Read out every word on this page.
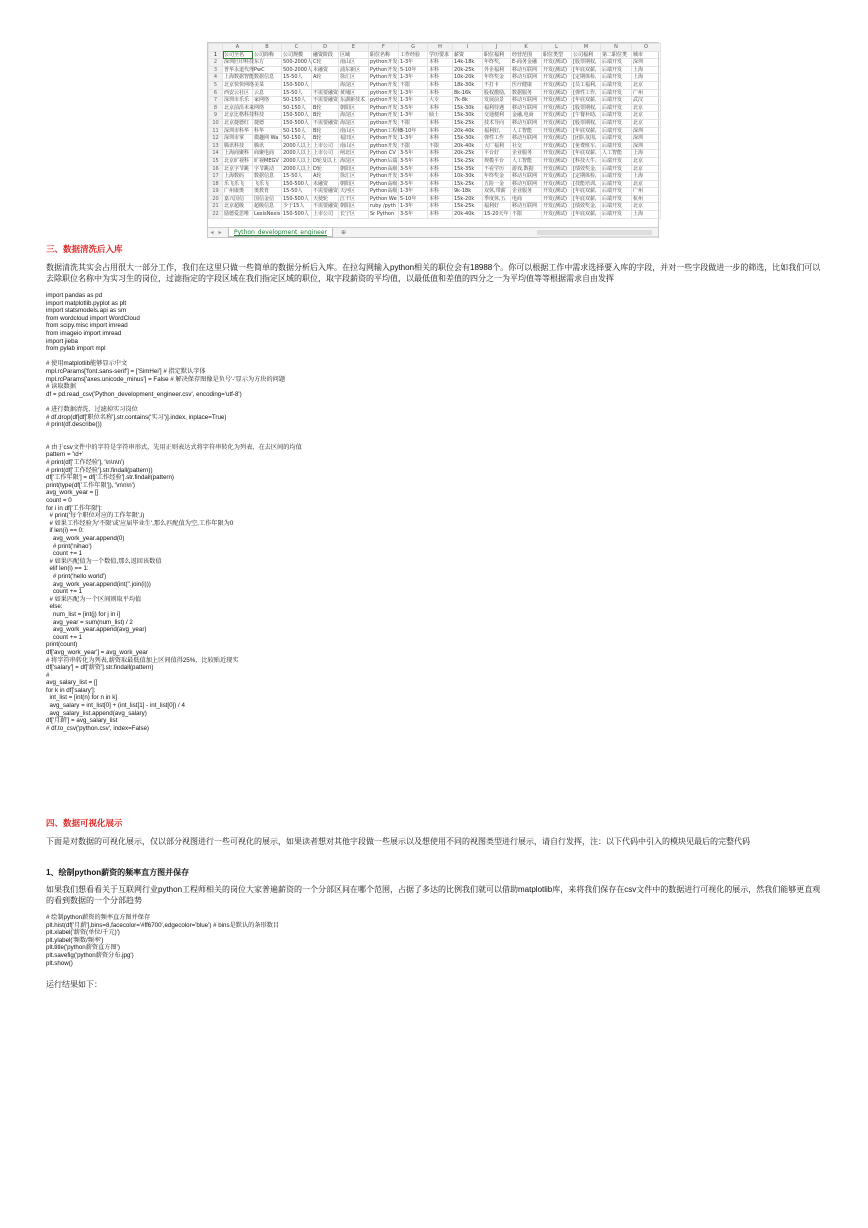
	A	B	C	D	E	F	G	H	I	J	K	L	M	N	O
1	公司全名	公司简称	公司规模	融资阶段	区域	职位名称	工作经验	学历要求	薪资	职位福利	经营范围	职位类型	公司福利	第二职位类	城市
2	深圳匠印科技	东方	500-2000人	C轮	南山区	python开发	1-3年	本科	14k-18k	年终奖，	E-商务金融	开发(测试)	[股票期权,	后端开发	深圳
3	普华永道代理	PwC	500-2000人	未融资	浦东新区	Python开发	5-10年	本科	20k-25k	外企福利	移动互联网	开发(测试)	[年底双薪,	后端开发	上海
4	上海数据智能	数据信息	15-50人	A轮	徐汇区	Python开发	1-3年	本科	10k-20k	年终奖金	移动互联网	开发(测试)	[定期体检,	后端开发	上海
5	北京快快网络	美菜	150-500人		海淀区	Python开发	不限	本科	18k-30k	不打卡	医疗健康	开发(测试)	[员工福利,	后端开发	北京
6	西安云社区	云息	15-50人	不需要融资	黄埔区	python开发	1-3年	本科	8k-16k	股权激励,	数据服务	开发(测试)	[弹性工作,	后端开发	广州
7	深圳市乐乐	家网络	50-150人	不需要融资	东湖新技术	python开发	1-3年	大专	7k-8k	发展前景	移动互联网	开发(测试)	[年底双薪,	后端开发	武汉
8	北京前沿未来	网络	50-150人	B轮	朝阳区	Python开发	3-5年	本科	15k-30k	福利待遇	移动互联网	开发(测试)	[股票期权,	后端开发	北京
9	北京比格科技	科技	150-500人	B轮	海淀区	Python开发	1-3年	硕士	15k-30k	交通便利	金融,电商	开发(测试)	[午餐补助,	后端开发	北京
10	北京捷德红	捷德	150-500人	不需要融资	海淀区	python开发	不限	本科	15k-25k	技术导向	移动互联网	开发(测试)	[股票期权,	后端开发	北京
11	深圳市科华	科华	50-150人	B轮	南山区	Python工程师	3-10年	本科	20k-40k	福利好,	人工智能	开发(测试)	[年底双薪,	后端开发	深圳
12	深圳市掌	微趣网 Wa	50-150人	B轮	福田区	Python开发	1-3年	本科	15k-30k	弹性工作	移动互联网	开发(测试)	[团队氛围,	后端开发	深圳
13	腾讯科技	腾讯	2000人以上	上市公司	南山区	python开发	不限	不限	20k-40k	大厂福利	社交	开发(测试)	[免费班车,	后端开发	深圳
14	上海商聚科	商聚电商	2000人以上	上市公司	闸北区	Python CV	3-5年	本科	20k-25k	平台好	企业服务	开发(测试)	[年底双薪,	人工智能	上海
15	北京旷视科	旷视MEGV	2000人以上	D轮及以上	海淀区	Python后端	3-5年	本科	15k-25k	规模平台	人工智能	开发(测试)	[科技大牛,	后端开发	北京
16	北京字节跳	字节跳动	2000人以上	D轮	朝阳区	Python高级	3-5年	本科	15k-35k	不看学历	游戏,数据	开发(测试)	[绩效奖金,	后端开发	北京
17	上海数码	数据信息	15-50人	A轮	徐汇区	Python开发	3-5年	本科	10k-30k	年终奖金	移动互联网	开发(测试)	[定期体检,	后端开发	上海
18	乐飞乐飞	飞乐飞	150-500人	未融资	朝阳区	Python高级	3-5年	本科	15k-25k	五险一金	移动互联网	开发(测试)	[技能培训,	后端开发	北京
19	广州康奥	奥教育	15-50人	不需要融资	天河区	Python高级	1-3年	本科	9k-18k	双休,带薪	企业服务	开发(测试)	[年底双薪,	后端开发	广州
20	嘉兴国信	国信金信	150-500人	天使轮	江干区	Python We	5-10年	本科	15k-20k	季度休,五	电商	开发(测试)	[年底双薪,	后端开发	杭州
21	北京超级	超级信息	少于15人	不需要融资	朝阳区	ruby /pyth	1-3年	本科	15k-25k	福利好	移动互联网	开发(测试)	[绩效奖金,	后端开发	北京
22	励德爱思唯	LexisNexis	150-500人	上市公司	长宁区	Sr Python	3-5年	本科	20k-40k	15-20天年	不限	开发(测试)	[年底双薪,	后端开发	上海
◂ ▸	Python_development_engineer	⊕
三、数据清洗后入库
数据清洗其实会占用很大一部分工作，我们在这里只做一些简单的数据分析后入库。在拉勾网输入python相关的职位会有18988个。你可以根据工作中需求选择要入库的字段，并对一些字段做进一步的筛选，比如我们可以去除职位名称中为实习生的岗位，过滤指定的字段区域在我们指定区域的职位，取字段薪资的平均值，以最低值和差值的四分之一为平均值等等根据需求自由发挥
import pandas as pd
import matplotlib.pyplot as plt
import statsmodels.api as sm
from wordcloud import WordCloud
from scipy.misc import imread
from imageio import imread
import jieba
from pylab import mpl
# 使用matplotlib能够显示中文
mpl.rcParams['font.sans-serif'] = ['SimHei'] # 指定默认字体
mpl.rcParams['axes.unicode_minus'] = False # 解决保存图像是负号'-'显示为方块的问题
# 读取数据
df = pd.read_csv('Python_development_engineer.csv', encoding='utf-8')
# 进行数据清洗，过滤掉实习岗位
# df.drop(df[df['职位名称'].str.contains('实习')].index, inplace=True)
# print(df.describe())
# 由于csv文件中的字符是字符串形式，先用正则表达式将字符串转化为列表，在去区间的均值
pattern = '\d+'
# print(df['工作经验'], '\n\n\n')
# print(df['工作经验'].str.findall(pattern))
df['工作年限'] = df['工作经验'].str.findall(pattern)
print(type(df['工作年限']), '\n\n\n')
avg_work_year = []
count = 0
for i in df['工作年限']:
# print('每个职位对应的工作年限',i)
# 如果工作经验为'不限'或'应届毕业生',那么匹配值为空,工作年限为0
if len(i) == 0:
avg_work_year.append(0)
# print('nihao')
count += 1
# 如果匹配值为一个数值,那么返回该数值
elif len(i) == 1:
# print('hello world')
avg_work_year.append(int(''.join(i)))
count += 1
# 如果匹配为一个区间则取平均值
else:
num_list = [int(j) for j in i]
avg_year = sum(num_list) / 2
avg_work_year.append(avg_year)
count += 1
print(count)
df['avg_work_year'] = avg_work_year
# 将字符串转化为列表,薪资取最低值加上区间值得25%，比较贴近现实
df['salary'] = df['薪资'].str.findall(pattern)
#
avg_salary_list = []
for k in df['salary']:
int_list = [int(n) for n in k]
avg_salary = int_list[0] + (int_list[1] - int_list[0]) / 4
avg_salary_list.append(avg_salary)
df['月薪'] = avg_salary_list
# df.to_csv('python.csv', index=False)
四、数据可视化展示
下面是对数据的可视化展示，仅以部分视图进行一些可视化的展示，如果读者想对其他字段做一些展示以及想使用不同的视图类型进行展示，请自行发挥，注：以下代码中引入的模块见最后的完整代码
1、绘制python薪资的频率直方图并保存
如果我们想看看关于互联网行业python工程师相关的岗位大家普遍薪资的一个分部区间在哪个范围，占据了多达的比例我们就可以借助matplotlib库，来将我们保存在csv文件中的数据进行可视化的展示，然我们能够更直观的看到数据的一个分部趋势
# 绘制python薪资的频率直方图并保存
plt.hist(df['月薪'],bins=8,facecolor='#ff6700',edgecolor='blue') # bins是默认的条形数目
plt.xlabel('薪资(单位/千元)')
plt.ylabel('频数/频率')
plt.title('python薪资直方图')
plt.savefig('python薪资分布.jpg')
plt.show()
运行结果如下：
